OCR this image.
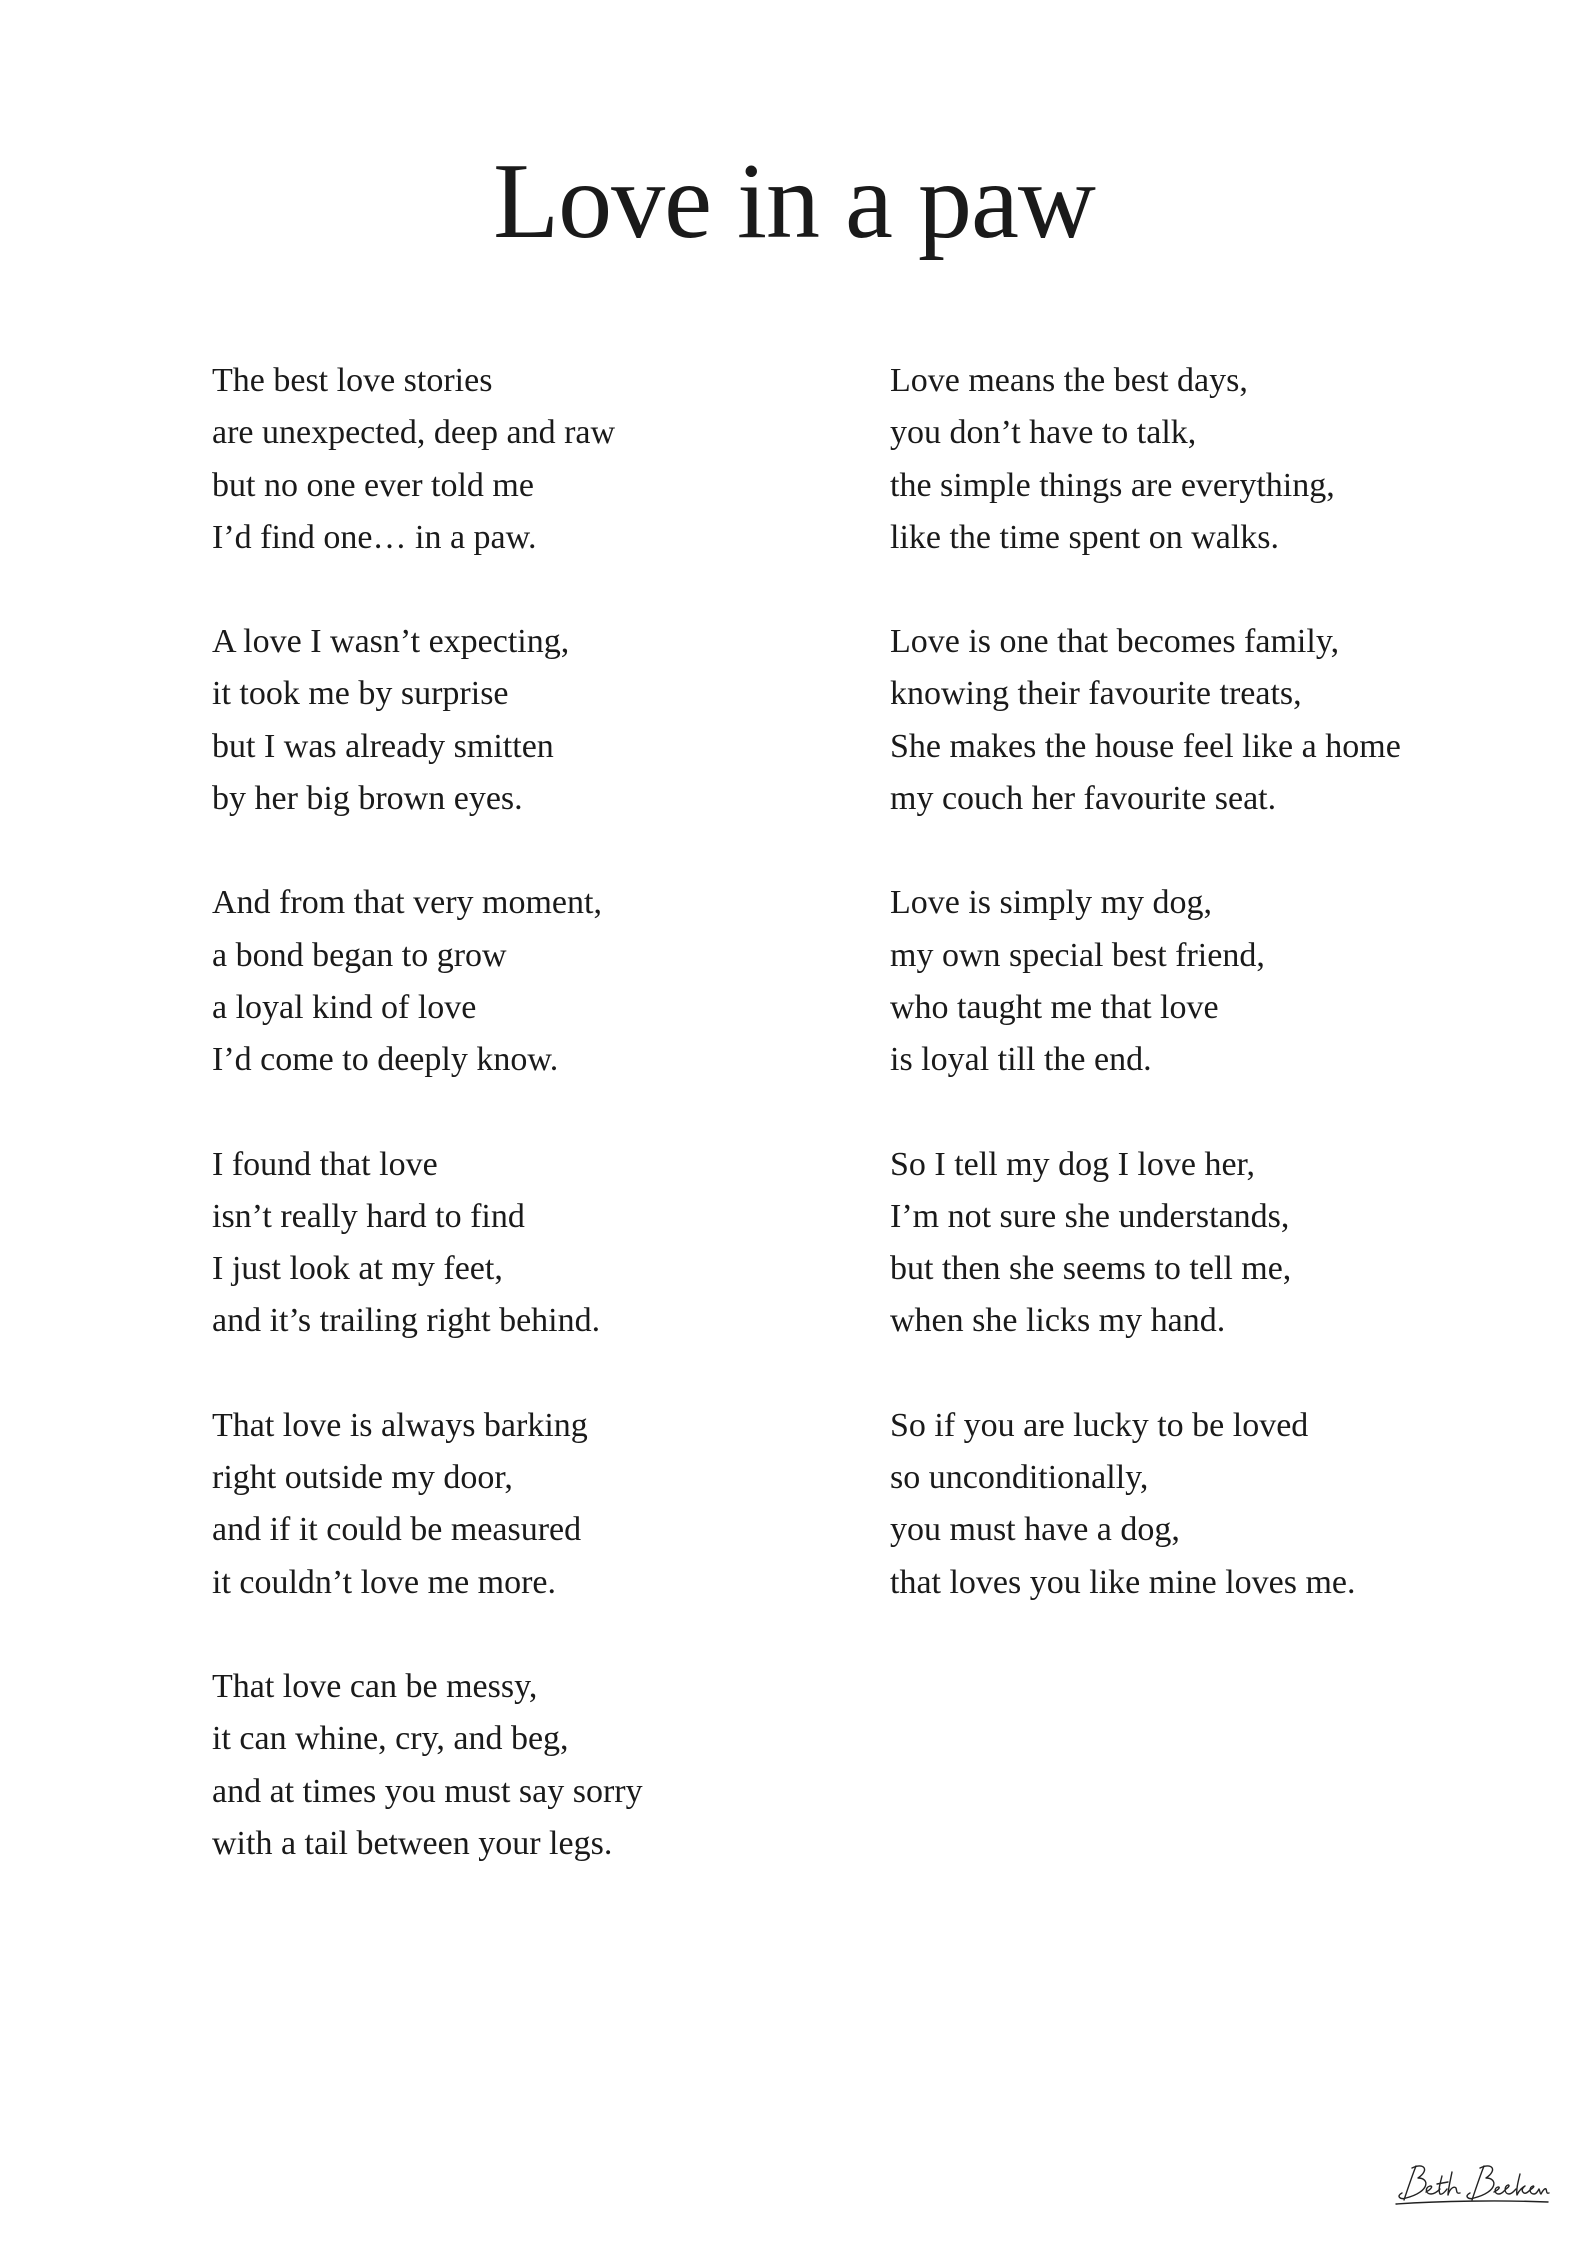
Love in a paw
The best love stories
are unexpected, deep and raw
but no one ever told me
I’d find one… in a paw.
A love I wasn’t expecting,
it took me by surprise
but I was already smitten
by her big brown eyes.
And from that very moment,
a bond began to grow
a loyal kind of love
I’d come to deeply know.
I found that love
isn’t really hard to find
I just look at my feet,
and it’s trailing right behind.
That love is always barking
right outside my door,
and if it could be measured
it couldn’t love me more.
That love can be messy,
it can whine, cry, and beg,
and at times you must say sorry
with a tail between your legs.
Love means the best days,
you don’t have to talk,
the simple things are everything,
like the time spent on walks.
Love is one that becomes family,
knowing their favourite treats,
She makes the house feel like a home
my couch her favourite seat.
Love is simply my dog,
my own special best friend,
who taught me that love
is loyal till the end.
So I tell my dog I love her,
I’m not sure she understands,
but then she seems to tell me,
when she licks my hand.
So if you are lucky to be loved
so unconditionally,
you must have a dog,
that loves you like mine loves me.
